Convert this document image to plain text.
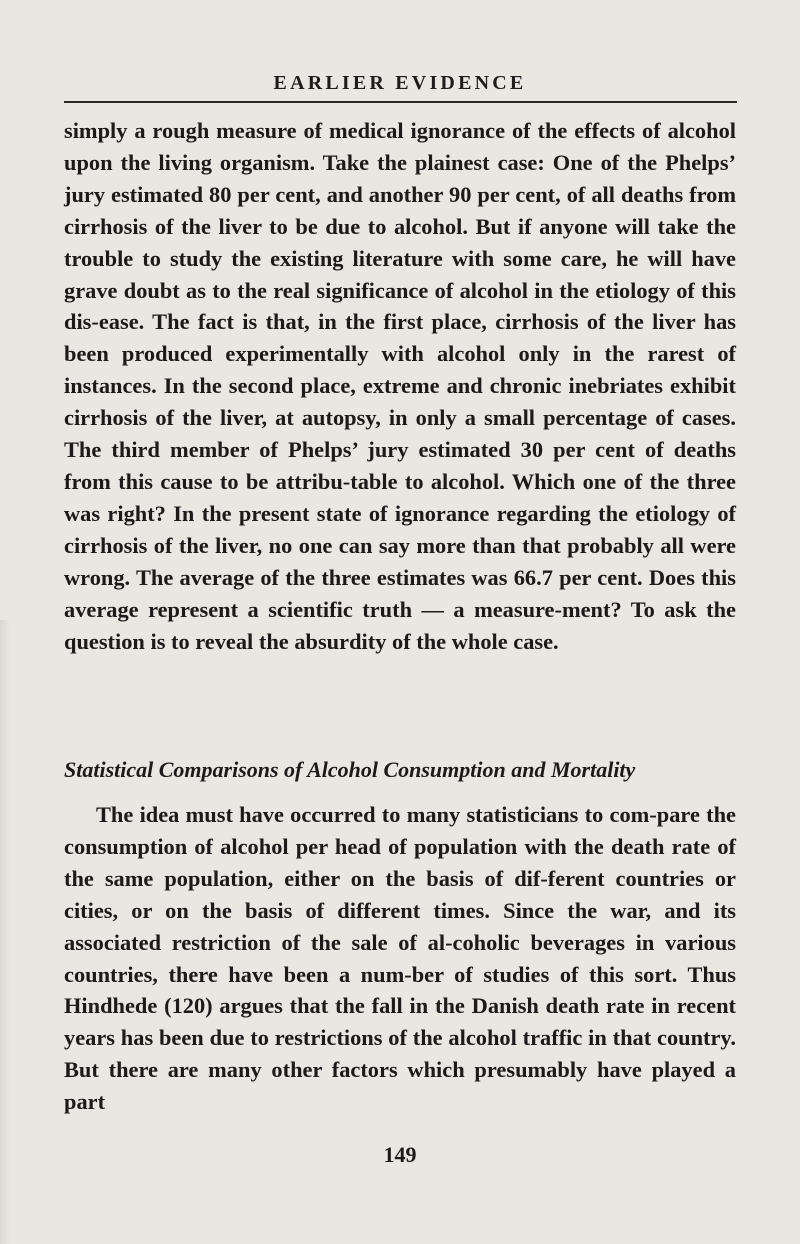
EARLIER EVIDENCE

simply a rough measure of medical ignorance of the effects of alcohol upon the living organism. Take the plainest case: One of the Phelps’ jury estimated 80 per cent, and another 90 per cent, of all deaths from cirrhosis of the liver to be due to alcohol. But if anyone will take the trouble to study the existing literature with some care, he will have grave doubt as to the real significance of alcohol in the etiology of this dis-ease. The fact is that, in the first place, cirrhosis of the liver has been produced experimentally with alcohol only in the rarest of instances. In the second place, extreme and chronic inebriates exhibit cirrhosis of the liver, at autopsy, in only a small percentage of cases. The third member of Phelps’ jury estimated 30 per cent of deaths from this cause to be attribu-table to alcohol. Which one of the three was right? In the present state of ignorance regarding the etiology of cirrhosis of the liver, no one can say more than that probably all were wrong. The average of the three estimates was 66.7 per cent. Does this average represent a scientific truth — a measure-ment? To ask the question is to reveal the absurdity of the whole case.

Statistical Comparisons of Alcohol Consumption and Mortality

The idea must have occurred to many statisticians to com-pare the consumption of alcohol per head of population with the death rate of the same population, either on the basis of dif-ferent countries or cities, or on the basis of different times. Since the war, and its associated restriction of the sale of al-coholic beverages in various countries, there have been a num-ber of studies of this sort. Thus Hindhede (120) argues that the fall in the Danish death rate in recent years has been due to restrictions of the alcohol traffic in that country. But there are many other factors which presumably have played a part

149
